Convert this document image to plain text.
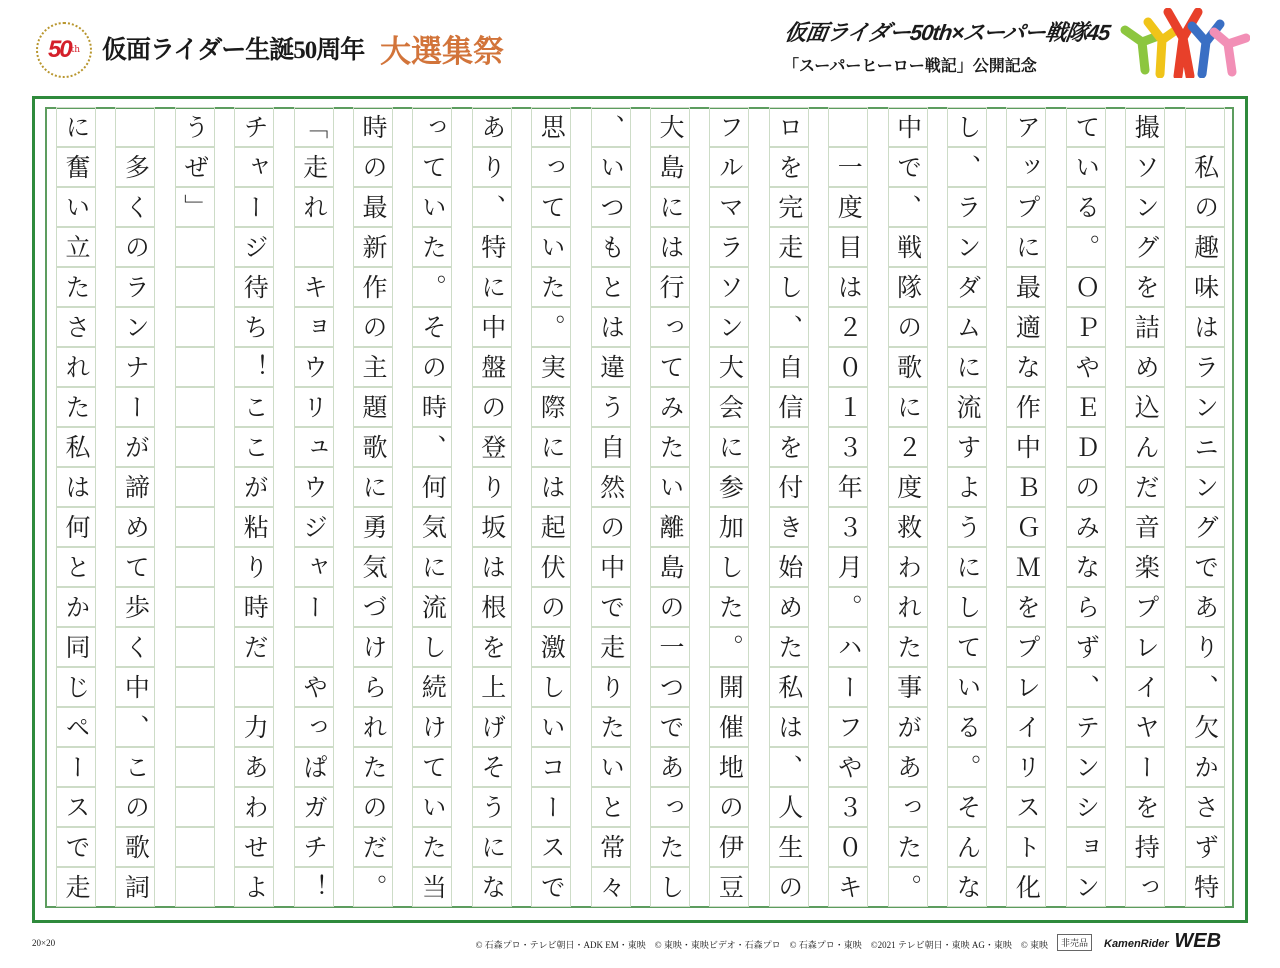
50 th 仮面ライダー生誕50周年 大選集祭
仮面ライダー50th×スーパー戦隊45
「スーパーヒーロー戦記」公開記念
　私の趣味はランニングであり、欠かさず特
撮ソングを詰め込んだ音楽プレイヤーを持っ
ている。ＯＰやＥＤのみならず、テンション
アップに最適な作中ＢＧＭをプレイリスト化
し、ランダムに流すようにしている。そんな
中で、戦隊の歌に２度救われた事があった。
　一度目は２０１３年３月。ハーフや３０キ
ロを完走し、自信を付き始めた私は、人生の
フルマラソン大会に参加した。開催地の伊豆
大島には行ってみたい離島の一つであったし
、いつもとは違う自然の中で走りたいと常々
思っていた。実際には起伏の激しいコースで
あり、特に中盤の登り坂は根を上げそうにな
っていた。その時、何気に流し続けていた当
時の最新作の主題歌に勇気づけられたのだ。
「走れ　キョウリュウジャー　やっぱガチ！
チャージ待ち！ここが粘り時だ　力あわせよ
うぜ」　　　　　　　　　　　　　　　　　
　多くのランナーが諦めて歩く中、この歌詞
に奮い立たされた私は何とか同じペースで走
20×20	© 石森プロ・テレビ朝日・ADK EM・東映　© 東映・東映ビデオ・石森プロ　© 石森プロ・東映　©2021 テレビ朝日・東映 AG・東映　© 東映	非売品	KamenRider WEB
